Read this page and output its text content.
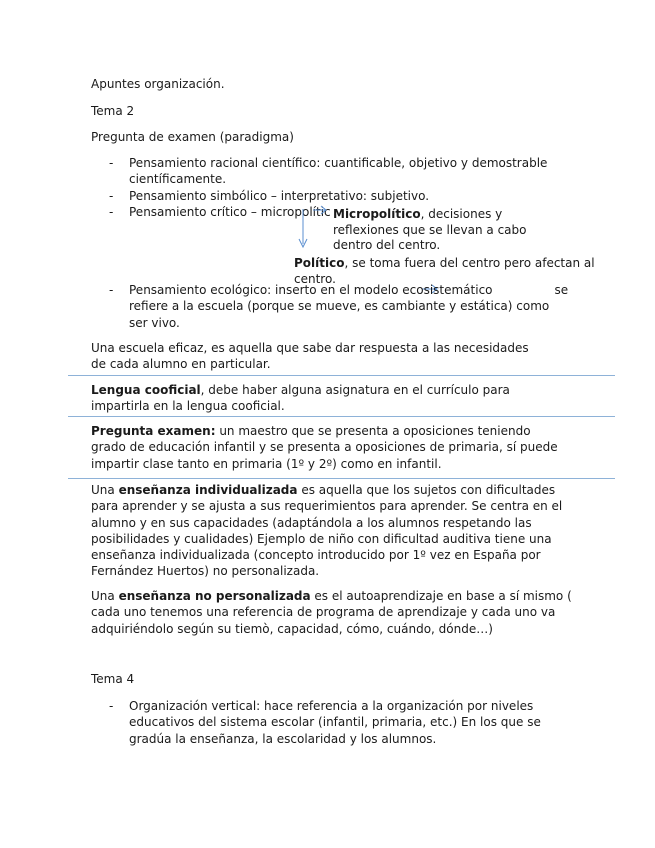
Apuntes organización.

Tema 2

Pregunta de examen (paradigma)

- Pensamiento racional científico: cuantificable, objetivo y demostrable científicamente.

- Pensamiento simbólico – interpretativo: subjetivo.

- Pensamiento crítico – micropolític Micropolítico, decisiones y reflexiones que se llevan a cabo dentro del centro.
Político, se toma fuera del centro pero afectan al centro.
- Pensamiento ecológico: inserto en el modelo ecosistemático	se
refiere a la escuela (porque se mueve, es cambiante y estática) como
ser vivo.

Una escuela eficaz, es aquella que sabe dar respuesta a las necesidades de cada alumno en particular.

Lengua cooficial, debe haber alguna asignatura en el currículo para impartirla en la lengua cooficial.

Pregunta examen: un maestro que se presenta a oposiciones teniendo grado de educación infantil y se presenta a oposiciones de primaria, sí puede impartir clase tanto en primaria (1º y 2º) como en infantil.

Una enseñanza individualizada es aquella que los sujetos con dificultades para aprender y se ajusta a sus requerimientos para aprender. Se centra en el alumno y en sus capacidades (adaptándola a los alumnos respetando las posibilidades y cualidades) Ejemplo de niño con dificultad auditiva tiene una enseñanza individualizada (concepto introducido por 1º vez en España por Fernández Huertos) no personalizada.

Una enseñanza no personalizada es el autoaprendizaje en base a sí mismo ( cada uno tenemos una referencia de programa de aprendizaje y cada uno va adquiriéndolo según su tiemò, capacidad, cómo, cuándo, dónde…)

Tema 4

- Organización vertical: hace referencia a la organización por niveles educativos del sistema escolar (infantil, primaria, etc.) En los que se gradúa la enseñanza, la escolaridad y los alumnos.
